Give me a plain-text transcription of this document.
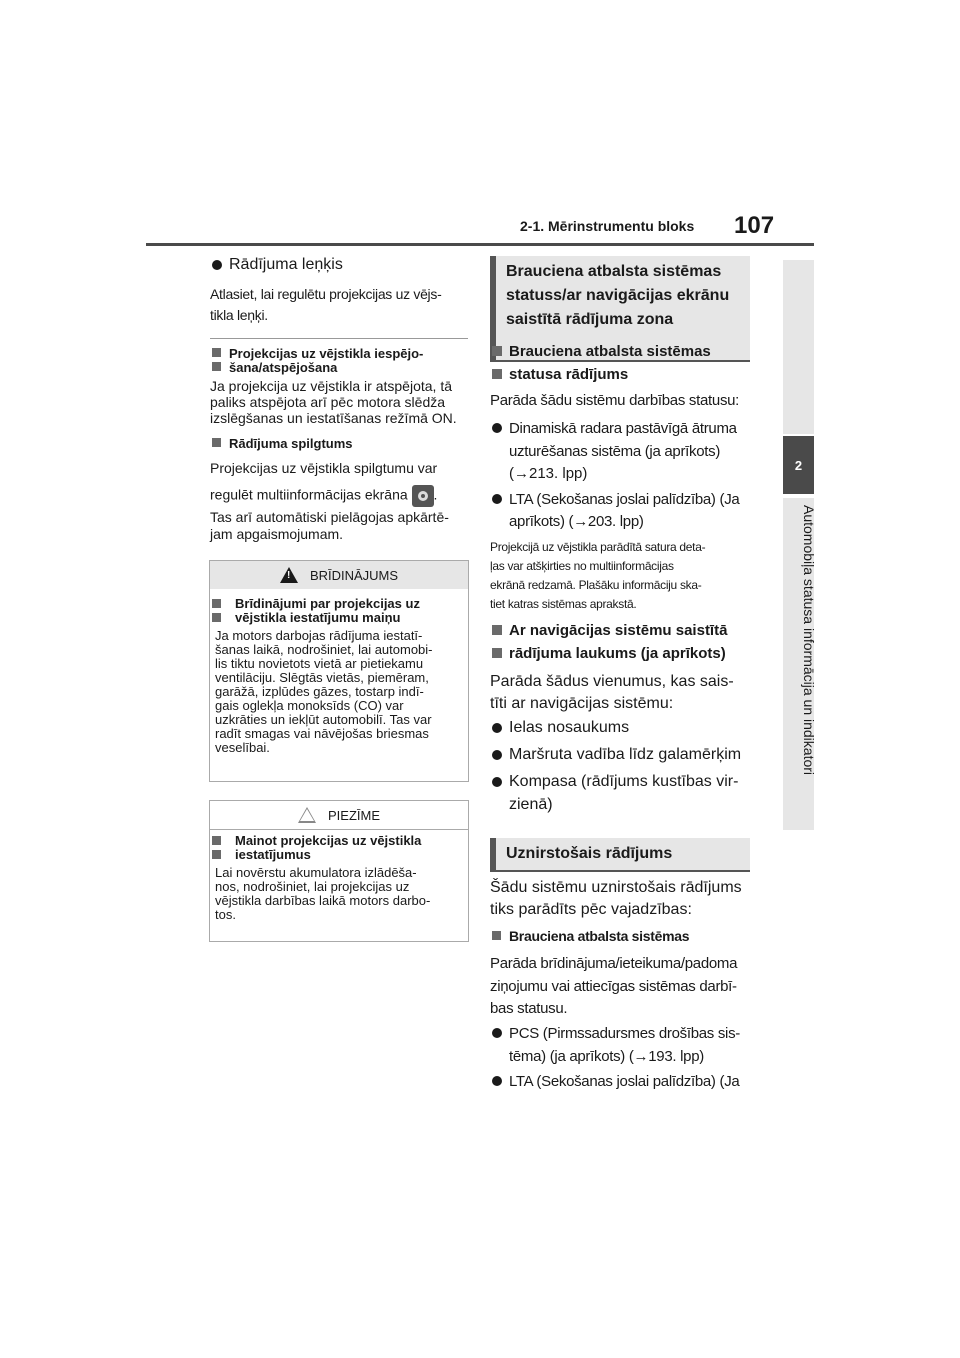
2-1. Mērinstrumentu bloks 107
2
Automobiļa statusa informācija un indikatori
Rādījuma leņķis
Atlasiet, lai regulētu projekcijas uz vējs-
tikla leņķi.
Projekcijas uz vējstikla iespējo-
šana/atspējošana
Ja projekcija uz vējstikla ir atspējota, tā
paliks atspējota arī pēc motora slēdža
izslēgšanas un iestatīšanas režīmā ON.
Rādījuma spilgtums
Projekcijas uz vējstikla spilgtumu var
regulēt multiinformācijas ekrāna .
Tas arī automātiski pielāgojas apkārtē-
jam apgaismojumam.
!
BRĪDINĀJUMS
Brīdinājumi par projekcijas uz
vējstikla iestatījumu maiņu
Ja motors darbojas rādījuma iestatī-
šanas laikā, nodrošiniet, lai automobi-
lis tiktu novietots vietā ar pietiekamu
ventilāciju. Slēgtās vietās, piemēram,
garāžā, izplūdes gāzes, tostarp indī-
gais oglekļa monoksīds (CO) var
uzkrāties un iekļūt automobilī. Tas var
radīt smagas vai nāvējošas briesmas
veselībai.
PIEZĪME
Mainot projekcijas uz vējstikla
iestatījumus
Lai novērstu akumulatora izlādēša-
nos, nodrošiniet, lai projekcijas uz
vējstikla darbības laikā motors darbo-
tos.
Brauciena atbalsta sistēmas
statuss/ar navigācijas ekrānu
saistītā rādījuma zona
Brauciena atbalsta sistēmas
statusa rādījums
Parāda šādu sistēmu darbības statusu:
Dinamiskā radara pastāvīgā ātruma
uzturēšanas sistēma (ja aprīkots)
(→213. lpp)
LTA (Sekošanas joslai palīdzība) (Ja
aprīkots) (→203. lpp)
Projekcijā uz vējstikla parādītā satura deta-
ļas var atšķirties no multiinformācijas
ekrānā redzamā. Plašāku informāciju ska-
tiet katras sistēmas aprakstā.
Ar navigācijas sistēmu saistītā
rādījuma laukums (ja aprīkots)
Parāda šādus vienumus, kas sais-
tīti ar navigācijas sistēmu:
Ielas nosaukums
Maršruta vadība līdz galamērķim
Kompasa (rādījums kustības vir-
zienā)
Uznirstošais rādījums
Šādu sistēmu uznirstošais rādījums
tiks parādīts pēc vajadzības:
Brauciena atbalsta sistēmas
Parāda brīdinājuma/ieteikuma/padoma
ziņojumu vai attiecīgas sistēmas darbī-
bas statusu.
PCS (Pirmssadursmes drošības sis-
tēma) (ja aprīkots) (→193. lpp)
LTA (Sekošanas joslai palīdzība) (Ja
